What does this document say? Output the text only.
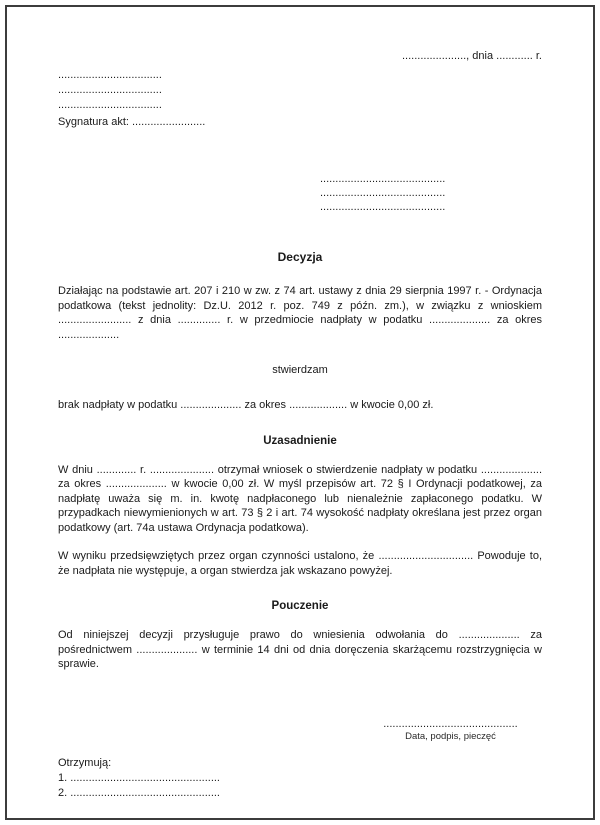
....................., dnia ............ r.
..................................
..................................
..................................
Sygnatura akt: ........................
.........................................
.........................................
.........................................
Decyzja

Działając na podstawie art. 207 i 210 w zw. z 74 art. ustawy z dnia 29 sierpnia 1997 r. - Ordynacja podatkowa (tekst jednolity: Dz.U. 2012 r. poz. 749 z późn. zm.), w związku z wnioskiem ........................ z dnia .............. r. w przedmiocie nadpłaty w podatku .................... za okres ....................

stwierdzam

brak nadpłaty w podatku .................... za okres ................... w kwocie 0,00 zł.

Uzasadnienie

W dniu ............. r. ..................... otrzymał wniosek o stwierdzenie nadpłaty w podatku .................... za okres .................... w kwocie 0,00 zł. W myśl przepisów art. 72 § I Ordynacji podatkowej, za nadpłatę uważa się m. in. kwotę nadpłaconego lub nienależnie zapłaconego podatku. W przypadkach niewymienionych w art. 73 § 2 i art. 74 wysokość nadpłaty określana jest przez organ podatkowy (art. 74a ustawa Ordynacja podatkowa).

W wyniku przedsięwziętych przez organ czynności ustalono, że ............................... Powoduje to, że nadpłata nie występuje, a organ stwierdza jak wskazano powyżej.

Pouczenie

Od niniejszej decyzji przysługuje prawo do wniesienia odwołania do .................... za pośrednictwem .................... w terminie 14 dni od dnia doręczenia skarżącemu rozstrzygnięcia w sprawie.

............................................
Data, podpis, pieczęć
Otrzymują:
1. .................................................
2. .................................................
